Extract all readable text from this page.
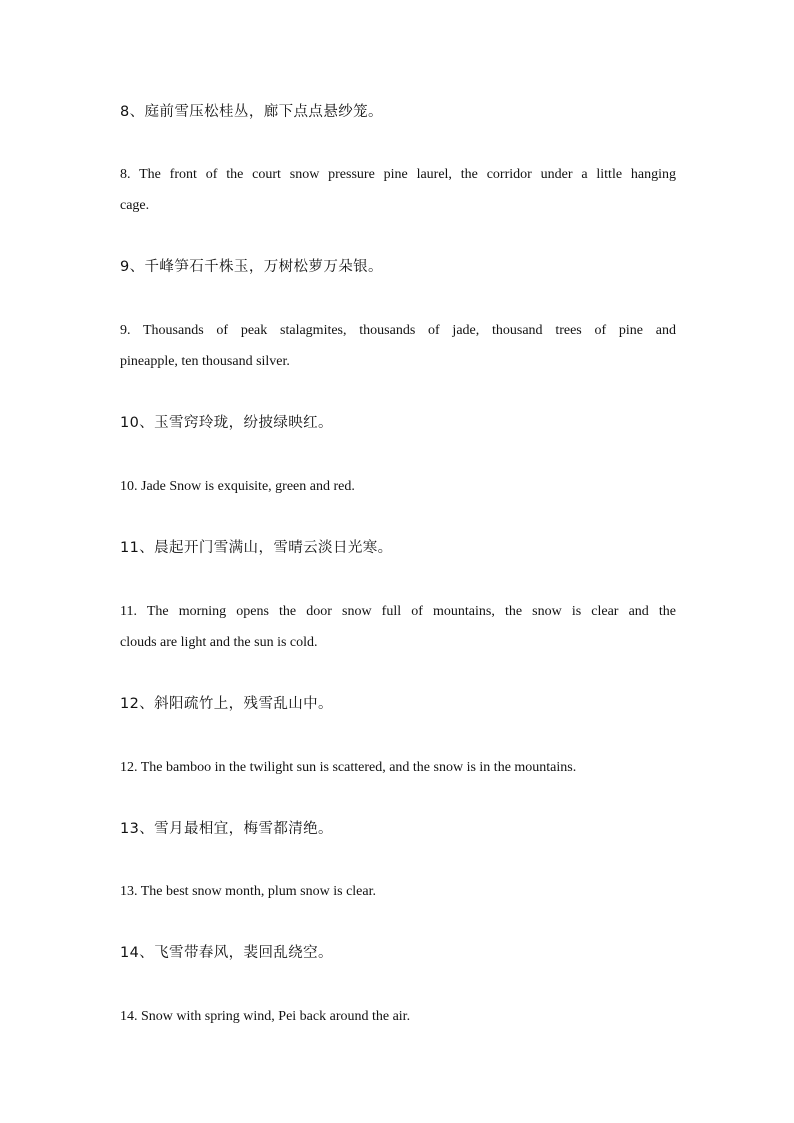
8、庭前雪压松桂丛，廊下点点悬纱笼。
8. The front of the court snow pressure pine laurel, the corridor under a little hanging
cage.
9、千峰笋石千株玉，万树松萝万朵银。
9. Thousands of peak stalagmites, thousands of jade, thousand trees of pine and
pineapple, ten thousand silver.
10、玉雪窍玲珑，纷披绿映红。
10. Jade Snow is exquisite, green and red.
11、晨起开门雪满山，雪晴云淡日光寒。
11. The morning opens the door snow full of mountains, the snow is clear and the
clouds are light and the sun is cold.
12、斜阳疏竹上，残雪乱山中。
12. The bamboo in the twilight sun is scattered, and the snow is in the mountains.
13、雪月最相宜，梅雪都清绝。
13. The best snow month, plum snow is clear.
14、飞雪带春风，裴回乱绕空。
14. Snow with spring wind, Pei back around the air.
